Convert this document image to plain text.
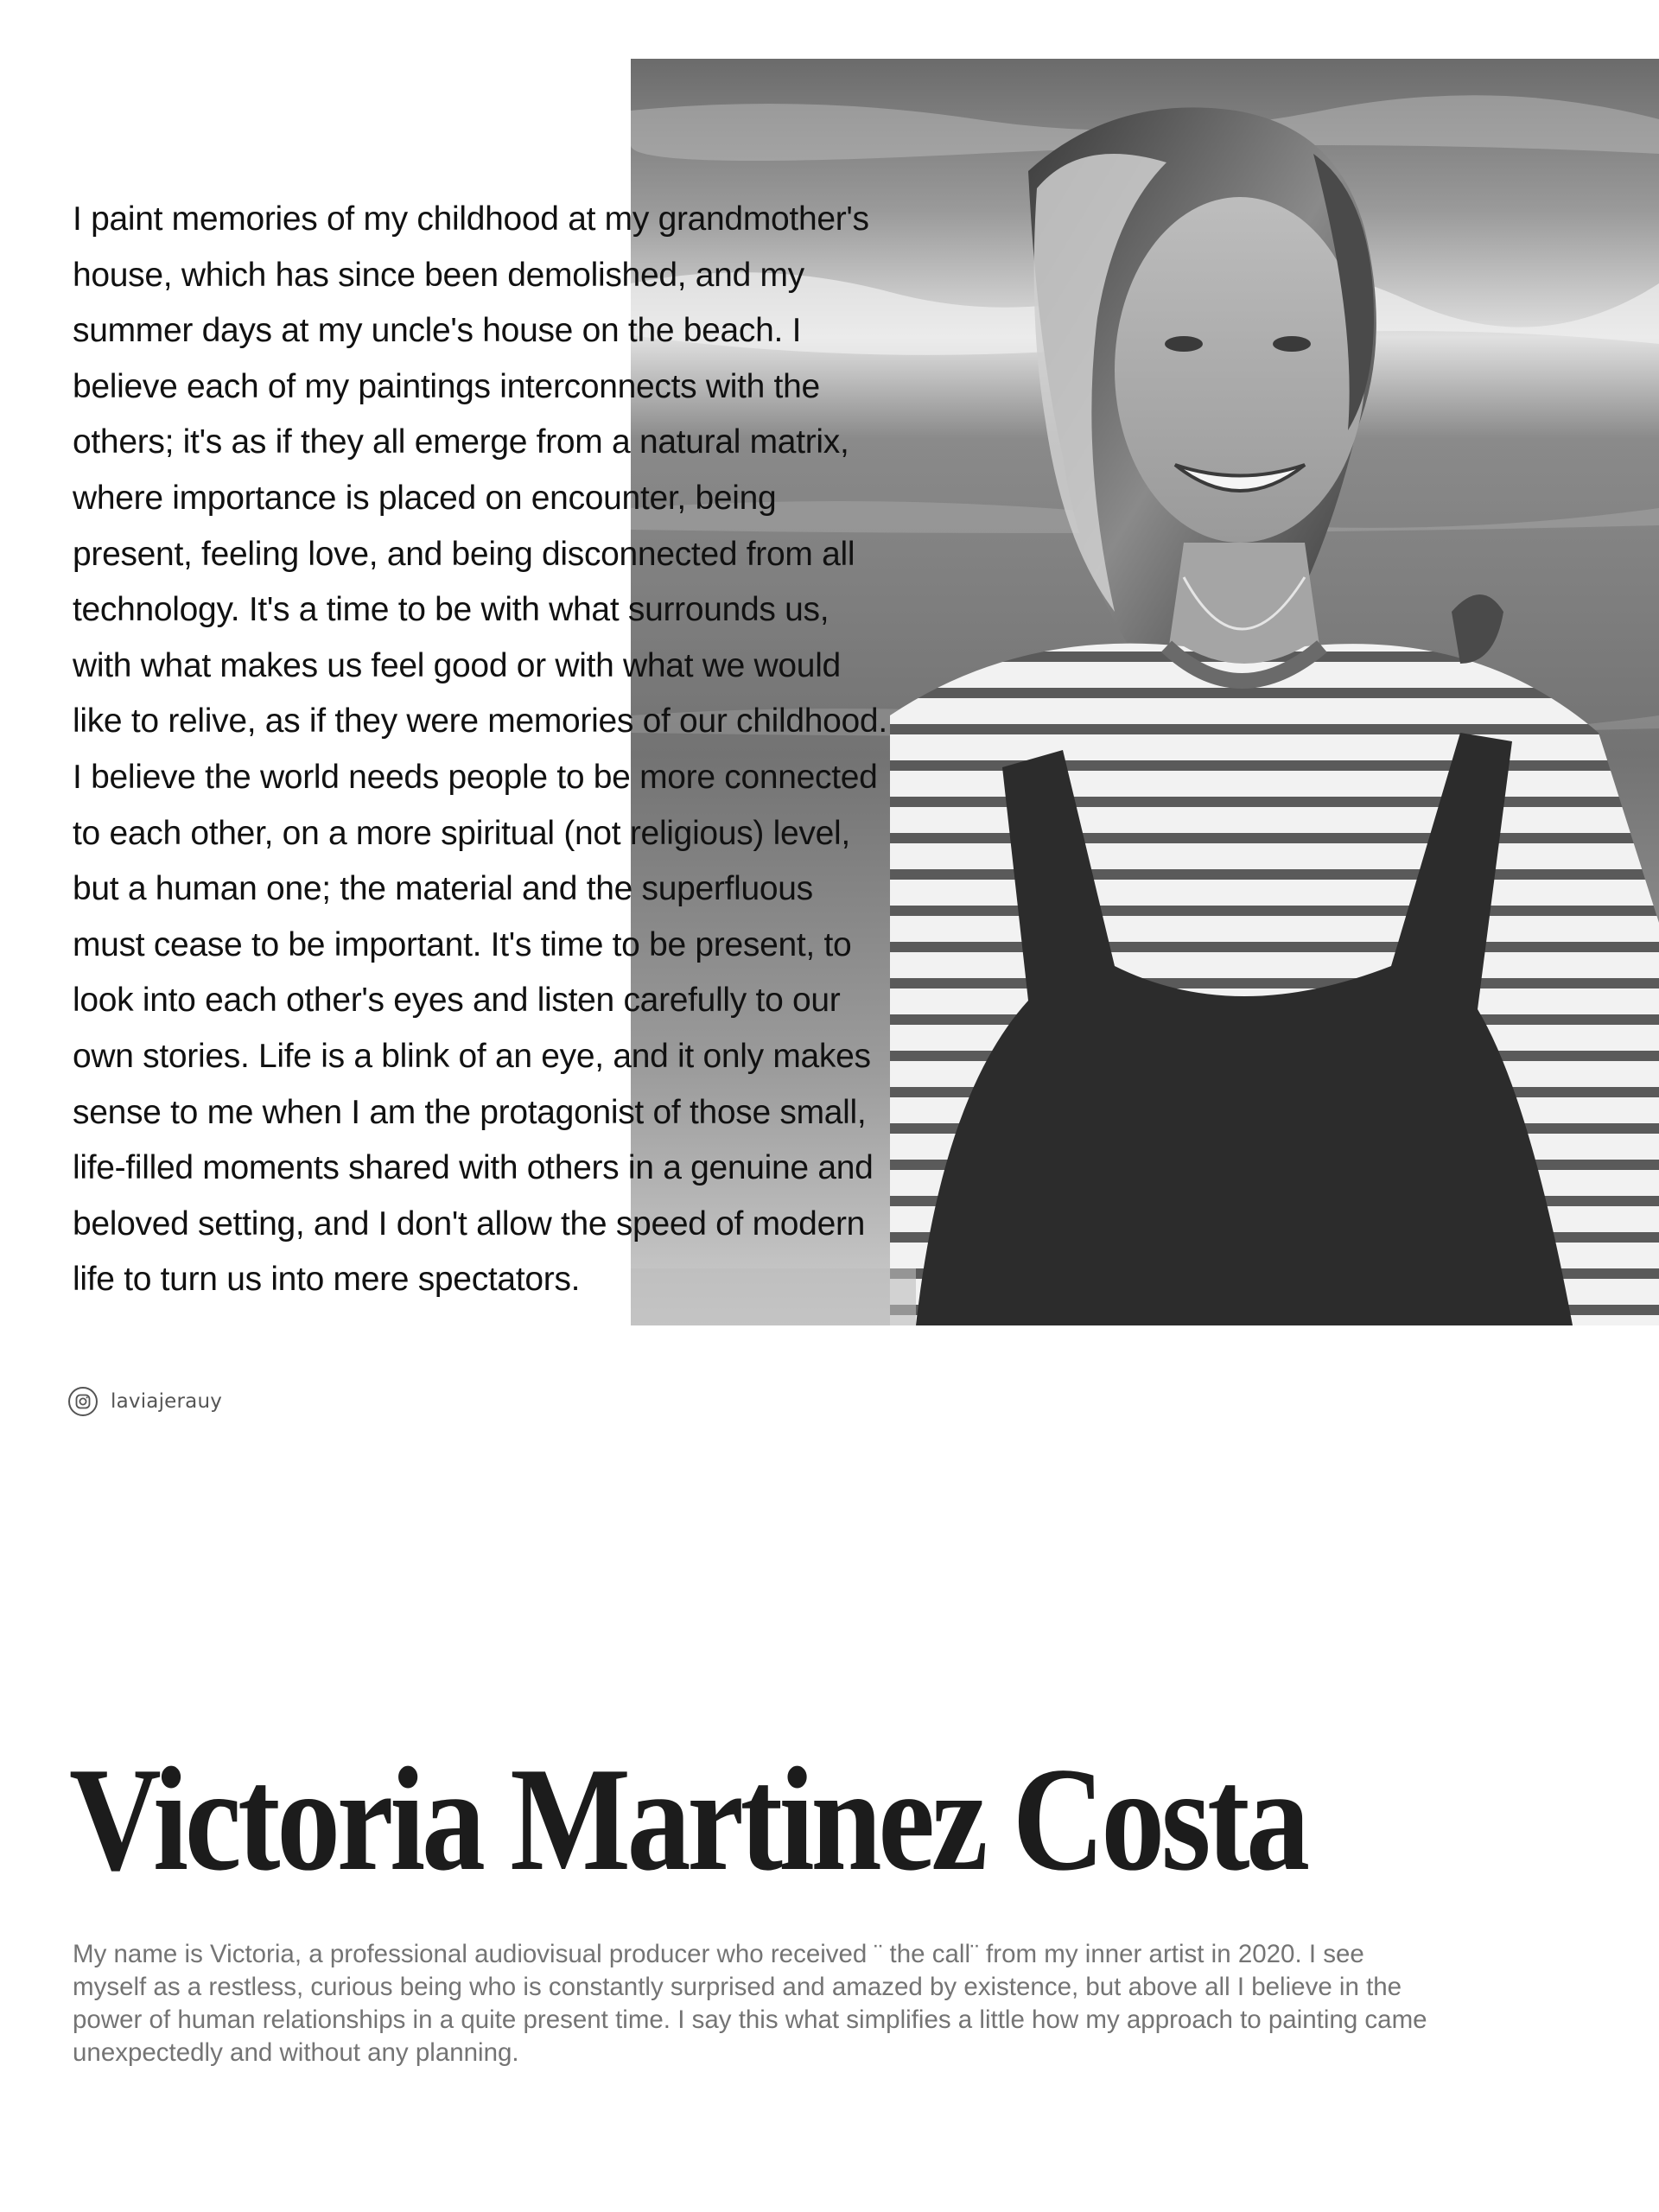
I paint memories of my childhood at my grandmother's
house, which has since been demolished, and my
summer days at my uncle's house on the beach. I
believe each of my paintings interconnects with the
others; it's as if they all emerge from a natural matrix,
where importance is placed on encounter, being
present, feeling love, and being disconnected from all
technology. It's a time to be with what surrounds us,
with what makes us feel good or with what we would
like to relive, as if they were memories of our childhood.
I believe the world needs people to be more connected
to each other, on a more spiritual (not religious) level,
but a human one; the material and the superfluous
must cease to be important. It's time to be present, to
look into each other's eyes and listen carefully to our
own stories. Life is a blink of an eye, and it only makes
sense to me when I am the protagonist of those small,
life-filled moments shared with others in a genuine and
beloved setting, and I don't allow the speed of modern
life to turn us into mere spectators.
laviajerauy
Victoria Martinez Costa
My name is Victoria, a professional audiovisual producer who received ¨ the call¨ from my inner artist in 2020. I see
myself as a restless, curious being who is constantly surprised and amazed by existence, but above all I believe in the
power of human relationships in a quite present time. I say this what simplifies a little how my approach to painting came
unexpectedly and without any planning.
